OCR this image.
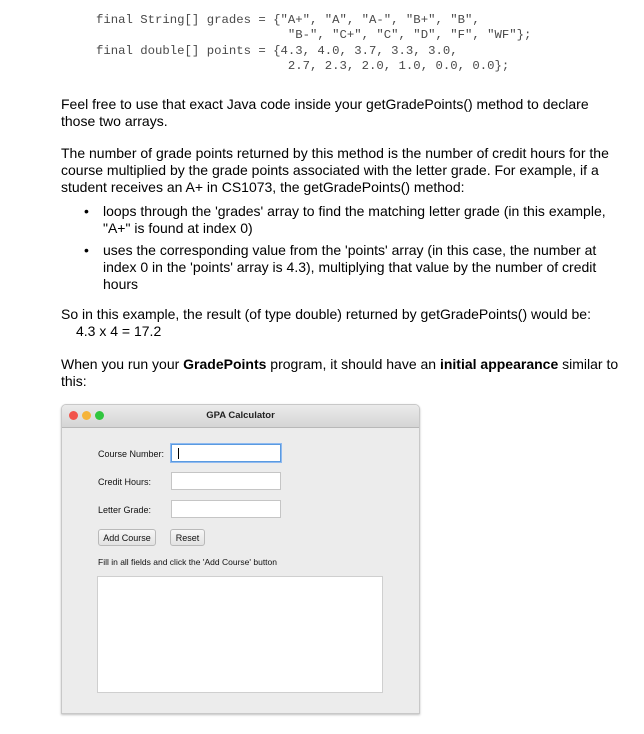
final String[] grades = {"A+", "A", "A-", "B+", "B",
"B-", "C+", "C", "D", "F", "WF"};
final double[] points = {4.3, 4.0, 3.7, 3.3, 3.0,
2.7, 2.3, 2.0, 1.0, 0.0, 0.0};

Feel free to use that exact Java code inside your getGradePoints() method to declare those two arrays.

The number of grade points returned by this method is the number of credit hours for the course multiplied by the grade points associated with the letter grade. For example, if a student receives an A+ in CS1073, the getGradePoints() method:

• loops through the 'grades' array to find the matching letter grade (in this example, "A+" is found at index 0)
• uses the corresponding value from the 'points' array (in this case, the number at index 0 in the 'points' array is 4.3), multiplying that value by the number of credit hours

So in this example, the result (of type double) returned by getGradePoints() would be:

4.3 x 4 = 17.2

When you run your GradePoints program, it should have an initial appearance similar to this:

GPA Calculator
Course Number:
Credit Hours:
Letter Grade:
Add Course	Reset
Fill in all fields and click the 'Add Course' button
